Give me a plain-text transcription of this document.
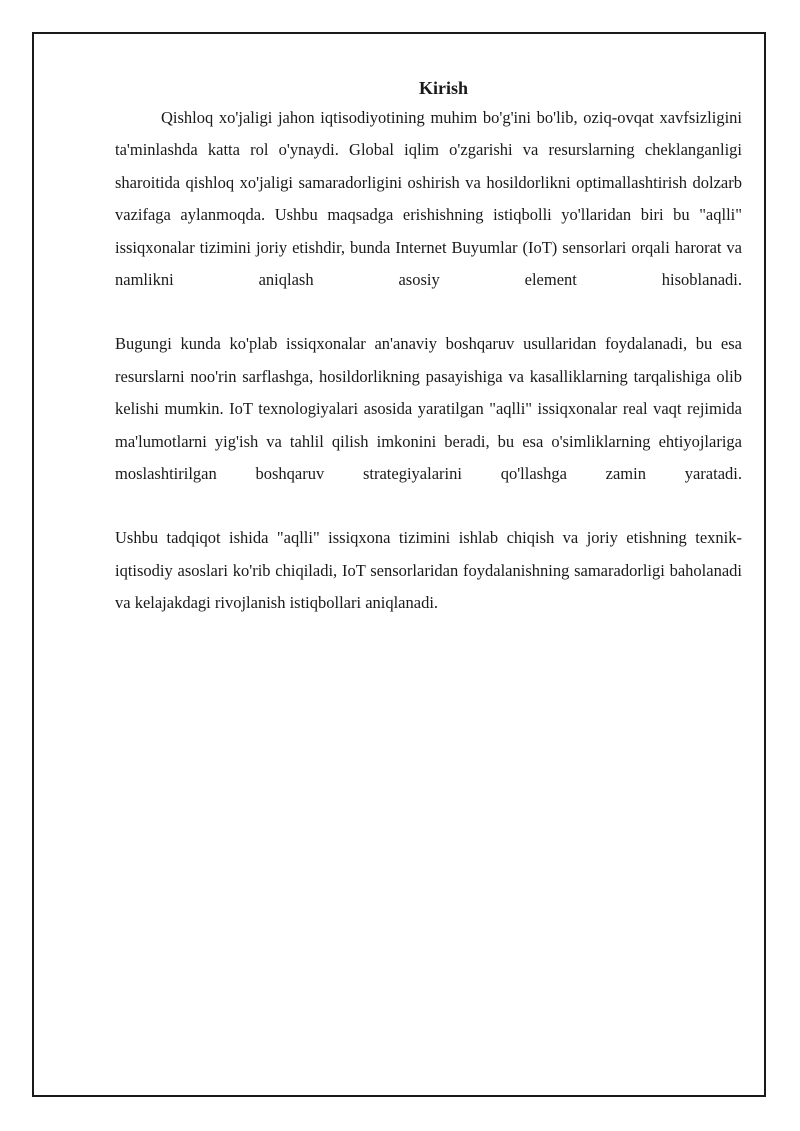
Kirish

Qishloq xo'jaligi jahon iqtisodiyotining muhim bo'g'ini bo'lib, oziq-ovqat xavfsizligini ta'minlashda katta rol o'ynaydi. Global iqlim o'zgarishi va resurslarning cheklanganligi sharoitida qishloq xo'jaligi samaradorligini oshirish va hosildorlikni optimallashtirish dolzarb vazifaga aylanmoqda. Ushbu maqsadga erishishning istiqbolli yo'llaridan biri bu "aqlli" issiqxonalar tizimini joriy etishdir, bunda Internet Buyumlar (IoT) sensorlari orqali harorat va namlikni aniqlash asosiy element hisoblanadi.

Bugungi kunda ko'plab issiqxonalar an'anaviy boshqaruv usullaridan foydalanadi, bu esa resurslarni noo'rin sarflashga, hosildorlikning pasayishiga va kasalliklarning tarqalishiga olib kelishi mumkin. IoT texnologiyalari asosida yaratilgan "aqlli" issiqxonalar real vaqt rejimida ma'lumotlarni yig'ish va tahlil qilish imkonini beradi, bu esa o'simliklarning ehtiyojlariga moslashtirilgan boshqaruv strategiyalarini qo'llashga zamin yaratadi.

Ushbu tadqiqot ishida "aqlli" issiqxona tizimini ishlab chiqish va joriy etishning texnik-iqtisodiy asoslari ko'rib chiqiladi, IoT sensorlaridan foydalanishning samaradorligi baholanadi va kelajakdagi rivojlanish istiqbollari aniqlanadi.
